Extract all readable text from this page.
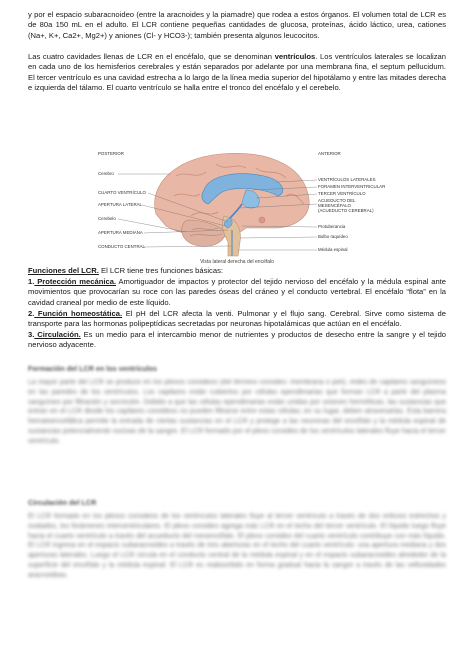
y por el espacio subaracnoideo (entre la aracnoides y la piamadre) que rodea a estos órganos. El volumen total de LCR es de 80a 150 mL en el adulto. El LCR contiene pequeñas cantidades de glucosa, proteínas, ácido láctico, urea, cationes (Na+, K+, Ca2+, Mg2+) y aniones (Cl- y HCO3-); también presenta algunos leucocitos.

Las cuatro cavidades llenas de LCR en el encéfalo, que se denominan ventrículos. Los ventrículos laterales se localizan en cada uno de los hemisferios cerebrales y están separados por adelante por una membrana fina, el septum pellucidum. El tercer ventrículo es una cavidad estrecha a lo largo de la línea media superior del hipotálamo y entre las mitades derecha e izquierda del tálamo. El cuarto ventrículo se halla entre el tronco del encéfalo y el cerebelo.

POSTERIOR
Cerebro
CUARTO VENTRÍCULO
APERTURA LATERAL
Cerebelo
APERTURA MEDIANA
CONDUCTO CENTRAL
ANTERIOR
VENTRÍCULOS LATERALES
FORAMEN INTERVENTRICULAR
TERCER VENTRÍCULO
ACUEDUCTO DEL
MESENCÉFALO
(ACUEDUCTO CEREBRAL)
Protuberancia
Bulbo raquídeo
Médula espinal
Vista lateral derecha del encéfalo

Funciones del LCR. El LCR tiene tres funciones básicas:

1. Protección mecánica. Amortiguador de impactos y protector del tejido nervioso del encéfalo y la médula espinal ante movimientos que provocarían su roce con las paredes óseas del cráneo y el conducto vertebral. El encéfalo “flota” en la cavidad craneal por medio de este líquido.

2. Función homeostática. El pH del LCR afecta la venti. Pulmonar y el flujo sang. Cerebral. Sirve como sistema de transporte para las hormonas polipeptídicas secretadas por neuronas hipotalámicas que actúan en el encéfalo.

3. Circulación. Es un medio para el intercambio menor de nutrientes y productos de desecho entre la sangre y el tejido nervioso adyacente.

Formación del LCR en los ventrículos
La mayor parte del LCR se produce en los plexos coroideos (del término coroides: membrana o piel), redes de capilares sanguíneos en las paredes de los ventrículos. Los capilares están cubiertos por células ependimarias que forman LCR a partir del plasma sanguíneo por filtración y secreción. Debido a que las células ependimarias están unidas por uniones herméticas, las sustancias que entran en el LCR desde los capilares coroideos no pueden filtrarse entre estas células; en su lugar, deben atravesarlas. Esta barrera hematoencefálica permite la entrada de ciertas sustancias en el LCR y protege a las neuronas del encéfalo y la médula espinal de sustancias potencialmente nocivas de la sangre. El LCR formado por el plexo coroideo de los ventrículos laterales fluye hacia el tercer ventrículo.
Circulación del LCR
El LCR formado en los plexos coroideos de los ventrículos laterales fluye al tercer ventrículo a través de dos orificios estrechos y ovalados, los forámenes interventriculares. El plexo coroideo agrega más LCR en el techo del tercer ventrículo. El líquido luego fluye hacia el cuarto ventrículo a través del acueducto del mesencéfalo. El plexo coroideo del cuarto ventrículo contribuye con más líquido. El LCR ingresa en el espacio subaracnoideo a través de tres aberturas en el techo del cuarto ventrículo: una apertura mediana y dos aperturas laterales. Luego el LCR circula en el conducto central de la médula espinal y en el espacio subaracnoideo alrededor de la superficie del encéfalo y la médula espinal. El LCR es reabsorbido en forma gradual hacia la sangre a través de las vellosidades aracnoideas.
